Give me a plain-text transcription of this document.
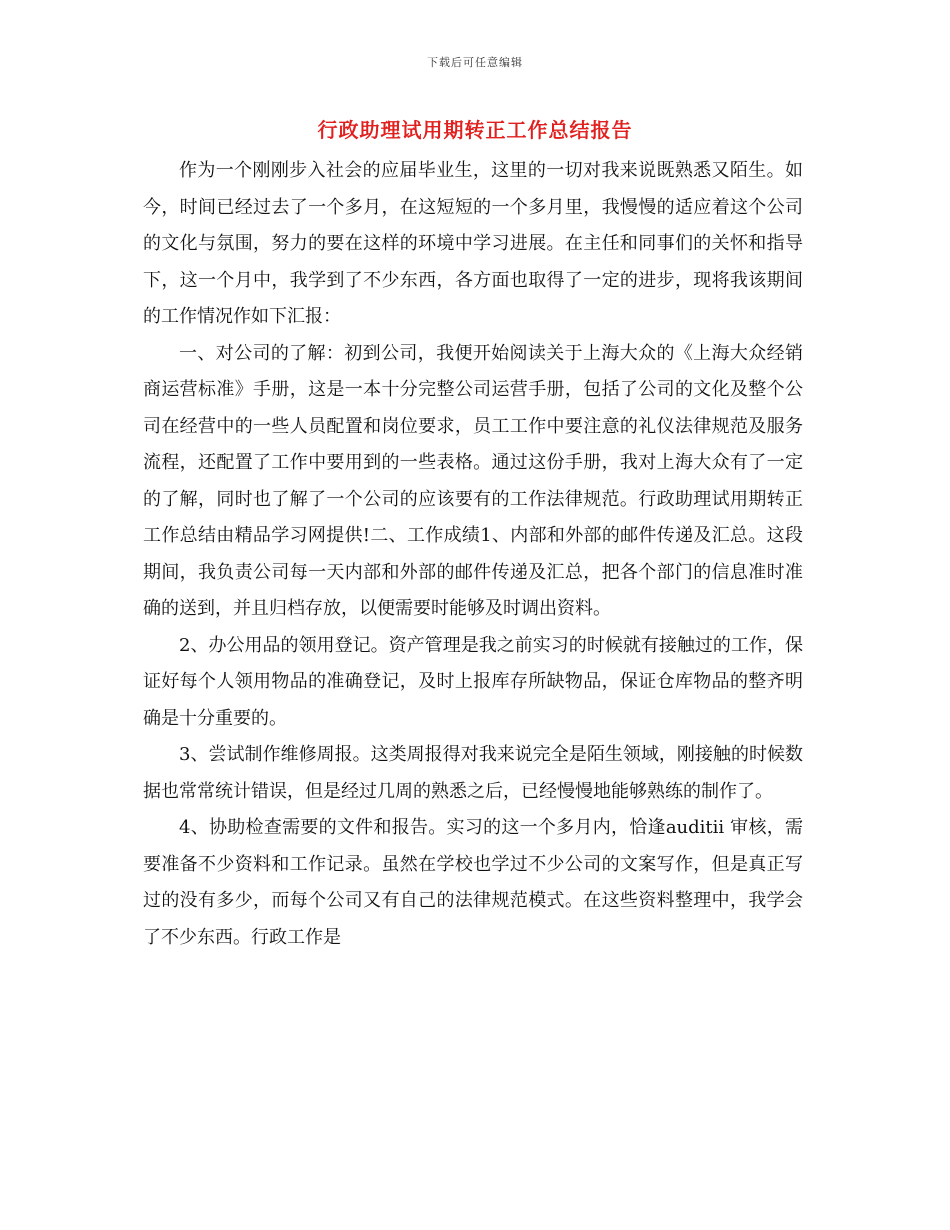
下载后可任意编辑
行政助理试用期转正工作总结报告

作为一个刚刚步入社会的应届毕业生，这里的一切对我来说既熟悉又陌生。如今，时间已经过去了一个多月，在这短短的一个多月里，我慢慢的适应着这个公司的文化与氛围，努力的要在这样的环境中学习进展。在主任和同事们的关怀和指导下，这一个月中，我学到了不少东西，各方面也取得了一定的进步，现将我该期间的工作情况作如下汇报：

一、对公司的了解：初到公司，我便开始阅读关于上海大众的《上海大众经销商运营标准》手册，这是一本十分完整公司运营手册，包括了公司的文化及整个公司在经营中的一些人员配置和岗位要求，员工工作中要注意的礼仪法律规范及服务流程，还配置了工作中要用到的一些表格。通过这份手册，我对上海大众有了一定的了解，同时也了解了一个公司的应该要有的工作法律规范。行政助理试用期转正工作总结由精品学习网提供!二、工作成绩1、内部和外部的邮件传递及汇总。这段期间，我负责公司每一天内部和外部的邮件传递及汇总，把各个部门的信息准时准确的送到，并且归档存放，以便需要时能够及时调出资料。

2、办公用品的领用登记。资产管理是我之前实习的时候就有接触过的工作，保证好每个人领用物品的准确登记，及时上报库存所缺物品，保证仓库物品的整齐明确是十分重要的。

3、尝试制作维修周报。这类周报得对我来说完全是陌生领域，刚接触的时候数据也常常统计错误，但是经过几周的熟悉之后，已经慢慢地能够熟练的制作了。

4、协助检查需要的文件和报告。实习的这一个多月内，恰逢auditii 审核，需要准备不少资料和工作记录。虽然在学校也学过不少公司的文案写作，但是真正写过的没有多少，而每个公司又有自己的法律规范模式。在这些资料整理中，我学会了不少东西。行政工作是
